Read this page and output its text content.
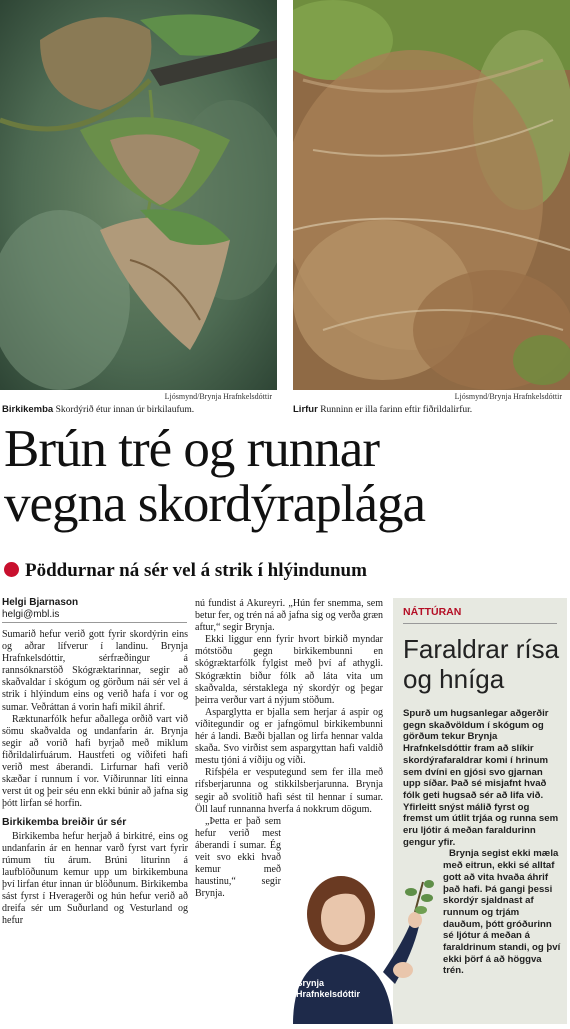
Ljósmynd/Brynja Hrafnkelsdóttir
Birkikemba Skordýrið étur innan úr birkilaufum.
Ljósmynd/Brynja Hrafnkelsdóttir
Lirfur Runninn er illa farinn eftir fiðrildalirfur.
Brún tré og runnar
vegna skordýraplága
Pöddurnar ná sér vel á strik í hlýindunum
Helgi Bjarnason
helgi@mbl.is

Sumarið hefur verið gott fyrir skordýrin eins og aðrar lífverur í landinu. Brynja Hrafnkelsdóttir, sérfræðingur á rannsóknarstöð Skógræktarinnar, segir að skaðvaldar í skógum og görðum nái sér vel á strik í hlýindum eins og verið hafa í vor og sumar. Veðráttan á vorin hafi mikil áhrif.

Ræktunarfólk hefur aðallega orðið vart við sömu skaðvalda og undanfarin ár. Brynja segir að vorið hafi byrjað með miklum fiðrildalirfuárum. Haustfeti og víðifeti hafi verið mest áberandi. Lirfurnar hafi verið skæðar í runnum í vor. Víðirunnar líti einna verst út og þeir séu enn ekki búnir að jafna sig þótt lirfan sé horfin.

Birkikemba breiðir úr sér

Birkikemba hefur herjað á birkitré, eins og undanfarin ár en hennar varð fyrst vart fyrir rúmum tíu árum. Brúni liturinn á laufblöðunum kemur upp um birkikembuna því lirfan étur innan úr blöðunum. Birkikemba sást fyrst í Hveragerði og hún hefur verið að dreifa sér um Suðurland og Vesturland og hefur

nú fundist á Akureyri. „Hún fer snemma, sem betur fer, og trén ná að jafna sig og verða græn aftur,“ segir Brynja.

Ekki liggur enn fyrir hvort birkið myndar mótstöðu gegn birkikembunni en skógræktarfólk fylgist með því af athygli. Skógræktin biður fólk að láta vita um skaðvalda, sérstaklega ný skordýr og þegar þeirra verður vart á nýjum stöðum.

Asparglytta er bjalla sem herjar á aspir og víðitegundir og er jafngömul birkikembunni hér á landi. Bæði bjallan og lirfa hennar valda skaða. Svo virðist sem aspargyttan hafi valdið mestu tjóni á víðiju og víði.

Rifsþéla er vesputegund sem fer illa með rifsberjarunna og stikkilsberjarunna. Brynja segir að svolítið hafi sést til hennar í sumar. Öll lauf runnanna hverfa á nokkrum dögum.

„Þetta er það sem hefur verið mest áberandi í sumar. Ég veit svo ekki hvað kemur með haustinu,“ segir Brynja.

NÁTTÚRAN
Faraldrar rísa og hníga

Spurð um hugsanlegar aðgerðir gegn skaðvöldum í skógum og görðum tekur Brynja Hrafnkelsdóttir fram að slíkir skordýrafaraldrar komi í hrinum sem dvíni en gjósi svo gjarnan upp síðar. Það sé misjafnt hvað fólk geti hugsað sér að lifa við. Yfirleitt snýst málið fyrst og fremst um útlit trjáa og runna sem eru ljótir á meðan faraldurinn gengur yfir.

Brynja segist ekki mæla með eitrun, ekki sé alltaf gott að vita hvaða áhrif það hafi. Þá gangi þessi skordýr sjaldnast af runnum og trjám dauðum, þótt gróðurinn sé ljótur á meðan á faraldrinum standi, og því ekki þörf á að höggva trén.

Brynja
Hrafnkelsdóttir
